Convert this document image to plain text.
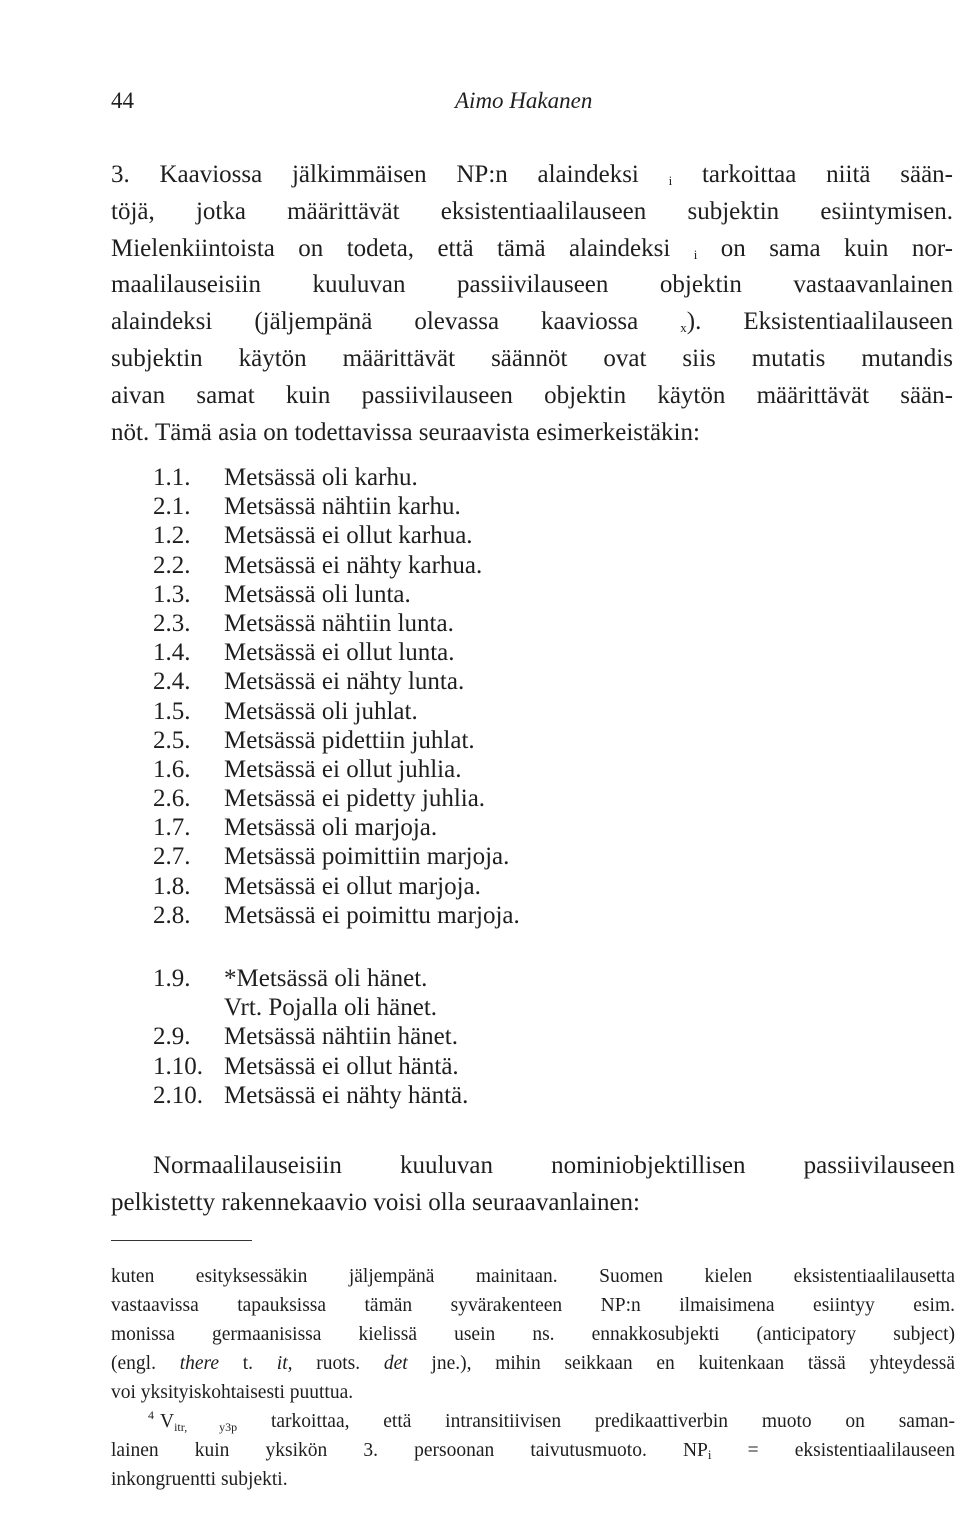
44	Aimo Hakanen
3. Kaaviossa jälkimmäisen NP:n alaindeksi $_i$ tarkoittaa niitä sään-
töjä, jotka määrittävät eksistentiaalilauseen subjektin esiintymisen.
Mielenkiintoista on todeta, että tämä alaindeksi $_i$ on sama kuin nor-
maalilauseisiin kuuluvan passiivilauseen objektin vastaavanlainen
alaindeksi (jäljempänä olevassa kaaviossa	$_x$). Eksistentiaalilauseen
subjektin käytön määrittävät säännöt ovat siis mutatis mutandis
aivan samat kuin passiivilauseen objektin käytön määrittävät sään-
nöt. Tämä asia on todettavissa seuraavista esimerkeistäkin:
1.1.	Metsässä oli karhu.
2.1.	Metsässä nähtiin karhu.
1.2.	Metsässä ei ollut karhua.
2.2.	Metsässä ei nähty karhua.
1.3.	Metsässä oli lunta.
2.3.	Metsässä nähtiin lunta.
1.4.	Metsässä ei ollut lunta.
2.4.	Metsässä ei nähty lunta.
1.5.	Metsässä oli juhlat.
2.5.	Metsässä pidettiin juhlat.
1.6.	Metsässä ei ollut juhlia.
2.6.	Metsässä ei pidetty juhlia.
1.7.	Metsässä oli marjoja.
2.7.	Metsässä poimittiin marjoja.
1.8.	Metsässä ei ollut marjoja.
2.8.	Metsässä ei poimittu marjoja.
1.9.	*Metsässä oli hänet.
Vrt. Pojalla oli hänet.
2.9.	Metsässä nähtiin hänet.
1.10. Metsässä ei ollut häntä.
2.10. Metsässä ei nähty häntä.
Normaalilauseisiin kuuluvan nominiobjektillisen passiivilauseen
pelkistetty rakennekaavio voisi olla seuraavanlainen:
kuten esityksessäkin jäljempänä mainitaan. Suomen kielen eksistentiaalilausetta
vastaavissa tapauksissa tämän syvärakenteen NP:n ilmaisimena esiintyy esim.
monissa germaanisissa kielissä usein ns. ennakkosubjekti (anticipatory subject)
(engl. there t. it, ruots. det jne.), mihin seikkaan en kuitenkaan tässä yhteydessä
voi yksityiskohtaisesti puuttua.
$^4$ $V_{itr, y3p}$ tarkoittaa, että intransitiivisen predikaattiverbin muoto on saman-
lainen kuin yksikön 3. persoonan taivutusmuoto. $NP_i$ = eksistentiaalilauseen
inkongruentti subjekti.
